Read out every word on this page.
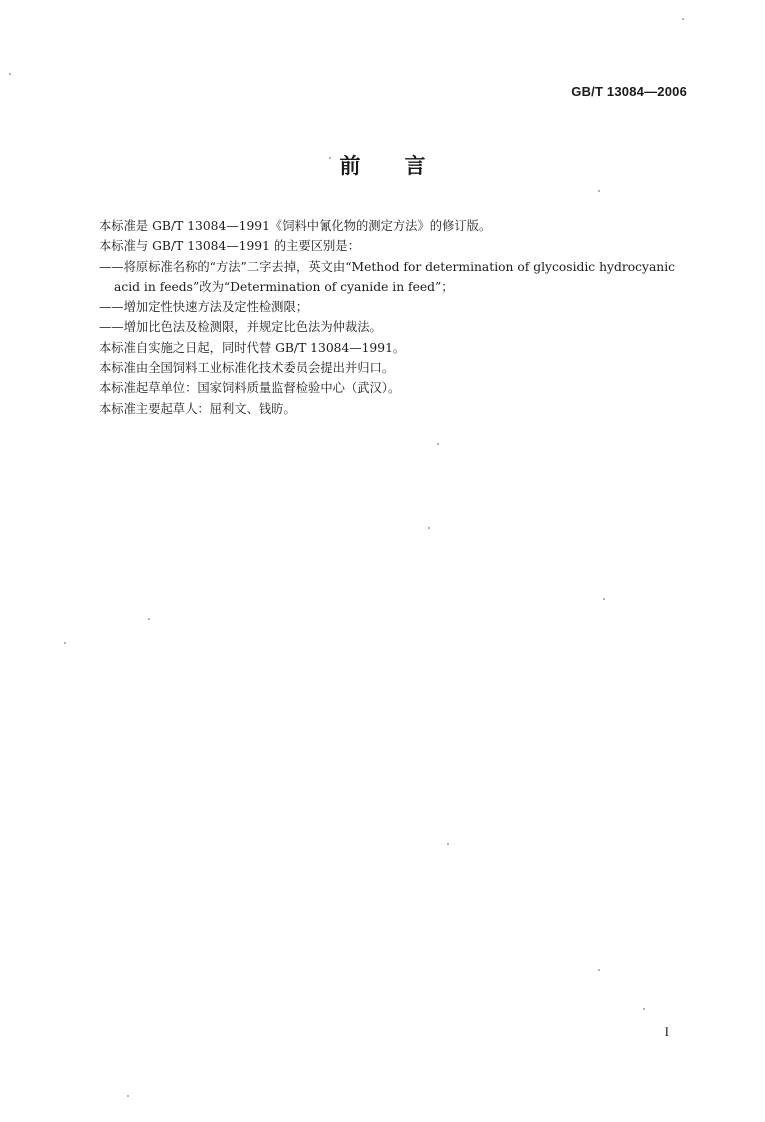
GB/T 13084—2006
前 言
本标准是 GB/T 13084—1991《饲料中氰化物的测定方法》的修订版。
本标准与 GB/T 13084—1991 的主要区别是：
——将原标准名称的“方法”二字去掉，英文由“Method for determination of glycosidic hydrocyanic
acid in feeds”改为“Determination of cyanide in feed”；
——增加定性快速方法及定性检测限；
——增加比色法及检测限，并规定比色法为仲裁法。
本标准自实施之日起，同时代替 GB/T 13084—1991。
本标准由全国饲料工业标准化技术委员会提出并归口。
本标准起草单位：国家饲料质量监督检验中心（武汉）。
本标准主要起草人：屈利文、钱昉。
I
